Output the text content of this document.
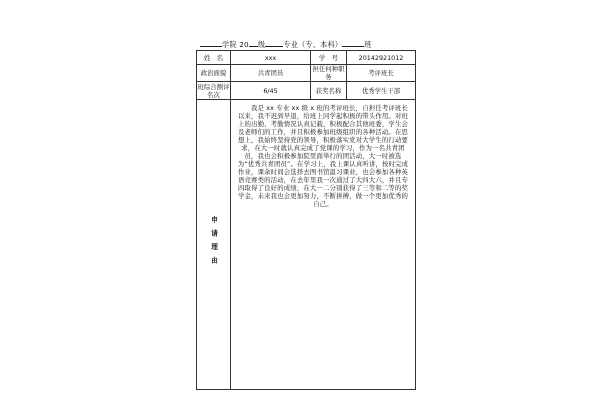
学院 20 级	专业（专、本科）	班
姓　名	xxx	学　号	20142921012
政治面貌	共青团员	担任何种职务	考评班长
班综合测评名次	6/45	获奖名称	优秀学生干部
申请理由	我是 xx 专业 xx 级 x 班的考评班长，自担任考评班长以来，我不迟到早退，给班上同学起积极的带头作用。对班上的出勤、考勤情况认真记载，积极配合其他班委，学生会及老师们的工作，并且积极参加班级组织的各种活动。在思想上，我始终坚持党的领导，积极落实党对大学生的行动要求，在大一时就认真完成了党课的学习，作为一名共青团员，我也会积极参加院里面举行的团活动，大一时被选为“优秀共青团员”。在学习上，我上课认真听讲，按时完成作业，课余时间会选择去图书馆温习课业，也会参加各种英语竞赛类的活动，在去年里我一次通过了大四大六，并且专四取得了良好的成绩，在大一二分别获得了三等和二等的奖学金，未来我也会更加努力，不断拼搏，做一个更加优秀的自己。		
